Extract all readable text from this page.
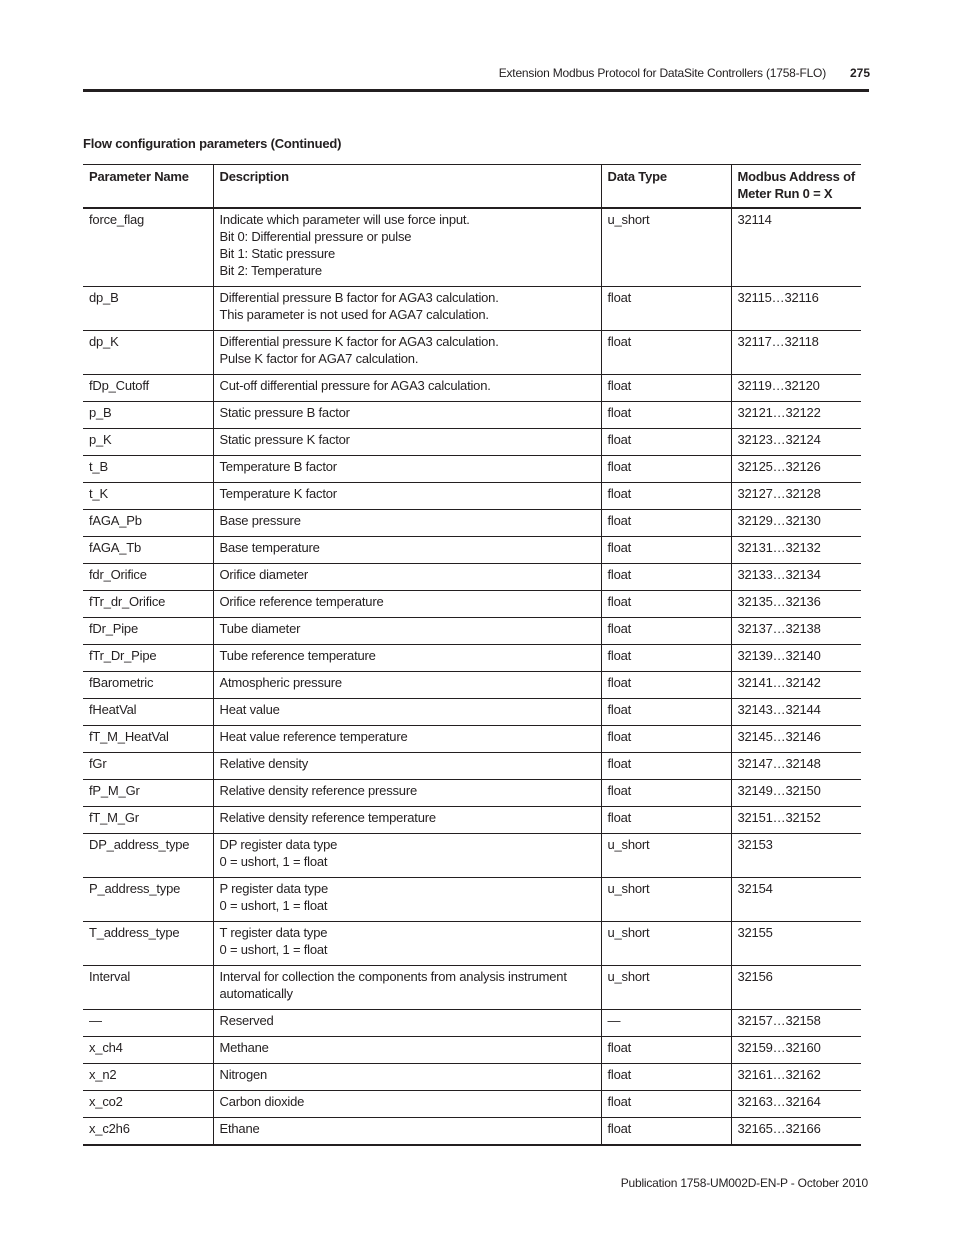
Extension Modbus Protocol for DataSite Controllers (1758-FLO) 275
Flow configuration parameters (Continued)
Parameter Name	Description	Data Type	Modbus Address of Meter Run 0 = X
force_flag	Indicate which parameter will use force input.
Bit 0: Differential pressure or pulse
Bit 1: Static pressure
Bit 2: Temperature	u_short	32114
dp_B	Differential pressure B factor for AGA3 calculation.
This parameter is not used for AGA7 calculation.	float	32115…32116
dp_K	Differential pressure K factor for AGA3 calculation.
Pulse K factor for AGA7 calculation.	float	32117…32118
fDp_Cutoff	Cut-off differential pressure for AGA3 calculation.	float	32119…32120
p_B	Static pressure B factor	float	32121…32122
p_K	Static pressure K factor	float	32123…32124
t_B	Temperature B factor	float	32125…32126
t_K	Temperature K factor	float	32127…32128
fAGA_Pb	Base pressure	float	32129…32130
fAGA_Tb	Base temperature	float	32131…32132
fdr_Orifice	Orifice diameter	float	32133…32134
fTr_dr_Orifice	Orifice reference temperature	float	32135…32136
fDr_Pipe	Tube diameter	float	32137…32138
fTr_Dr_Pipe	Tube reference temperature	float	32139…32140
fBarometric	Atmospheric pressure	float	32141…32142
fHeatVal	Heat value	float	32143…32144
fT_M_HeatVal	Heat value reference temperature	float	32145…32146
fGr	Relative density	float	32147…32148
fP_M_Gr	Relative density reference pressure	float	32149…32150
fT_M_Gr	Relative density reference temperature	float	32151…32152
DP_address_type	DP register data type
0 = ushort, 1 = float	u_short	32153
P_address_type	P register data type
0 = ushort, 1 = float	u_short	32154
T_address_type	T register data type
0 = ushort, 1 = float	u_short	32155
Interval	Interval for collection the components from analysis instrument automatically	u_short	32156
—	Reserved	—	32157…32158
x_ch4	Methane	float	32159…32160
x_n2	Nitrogen	float	32161…32162
x_co2	Carbon dioxide	float	32163…32164
x_c2h6	Ethane	float	32165…32166
Publication 1758-UM002D-EN-P - October 2010
